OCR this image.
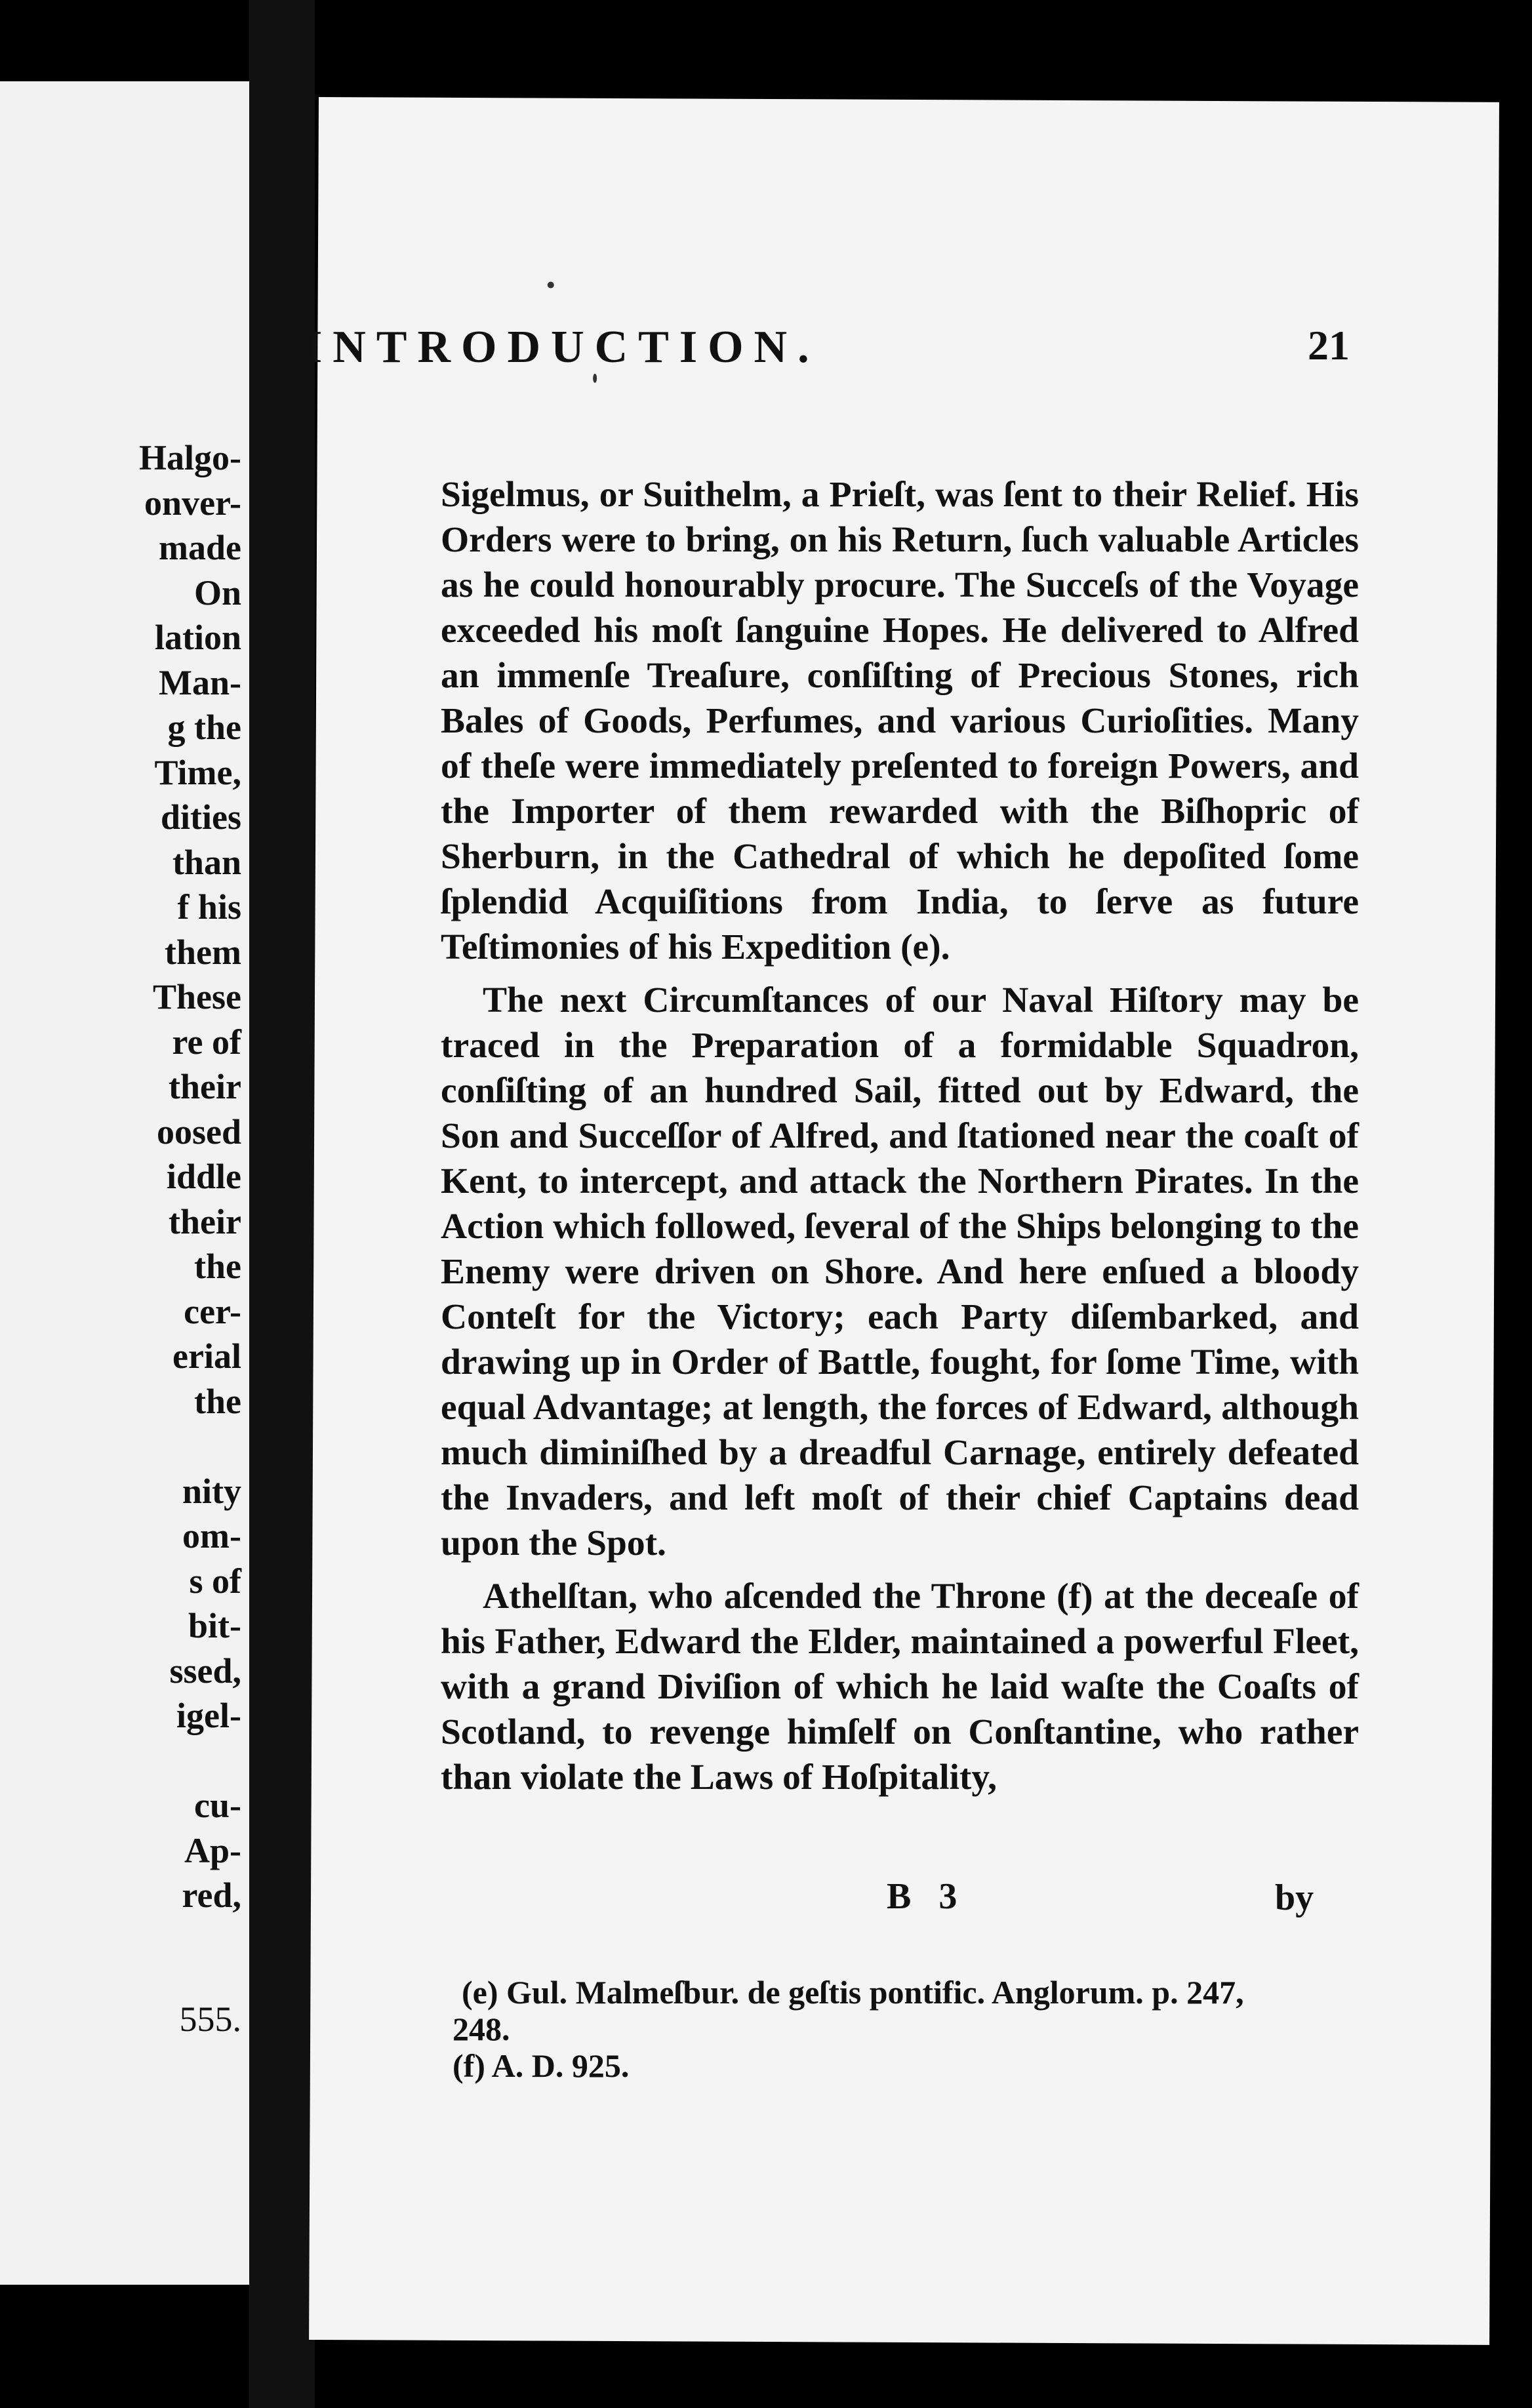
Halgo-
onver-
made
On
lation
Man-
g the
Time,
dities
than
f his
them
These
re of
their
oosed
iddle
their
the
cer-
erial
the
nity
om-
s of
bit-
ssed,
igel-
cu-
Ap-
red,
555.
INTRODUCTION.	21

Sigelmus, or Suithelm, a Prieſt, was ſent to their Relief. His Orders were to bring, on his Return, ſuch valuable Articles as he could honourably procure. The Succeſs of the Voyage exceeded his moſt ſanguine Hopes. He delivered to Alfred an immenſe Treaſure, conſiſting of Precious Stones, rich Bales of Goods, Perfumes, and various Curioſities. Many of theſe were immediately preſented to foreign Powers, and the Importer of them rewarded with the Biſhopric of Sherburn, in the Cathedral of which he depoſited ſome ſplendid Acquiſitions from India, to ſerve as future Teſtimonies of his Expedition (e).

The next Circumſtances of our Naval Hiſtory may be traced in the Preparation of a formidable Squadron, conſiſting of an hundred Sail, fitted out by Edward, the Son and Succeſſor of Alfred, and ſtationed near the coaſt of Kent, to intercept, and attack the Northern Pirates. In the Action which followed, ſeveral of the Ships belonging to the Enemy were driven on Shore. And here enſued a bloody Conteſt for the Victory; each Party diſembarked, and drawing up in Order of Battle, fought, for ſome Time, with equal Advantage; at length, the forces of Edward, although much diminiſhed by a dreadful Carnage, entirely defeated the Invaders, and left moſt of their chief Captains dead upon the Spot.

Athelſtan, who aſcended the Throne (f) at the deceaſe of his Father, Edward the Elder, maintained a powerful Fleet, with a grand Diviſion of which he laid waſte the Coaſts of Scotland, to revenge himſelf on Conſtantine, who rather than violate the Laws of Hoſpitality,

B 3	by
(e) Gul. Malmeſbur. de geſtis pontific. Anglorum. p. 247, 248.
(f) A. D. 925.
